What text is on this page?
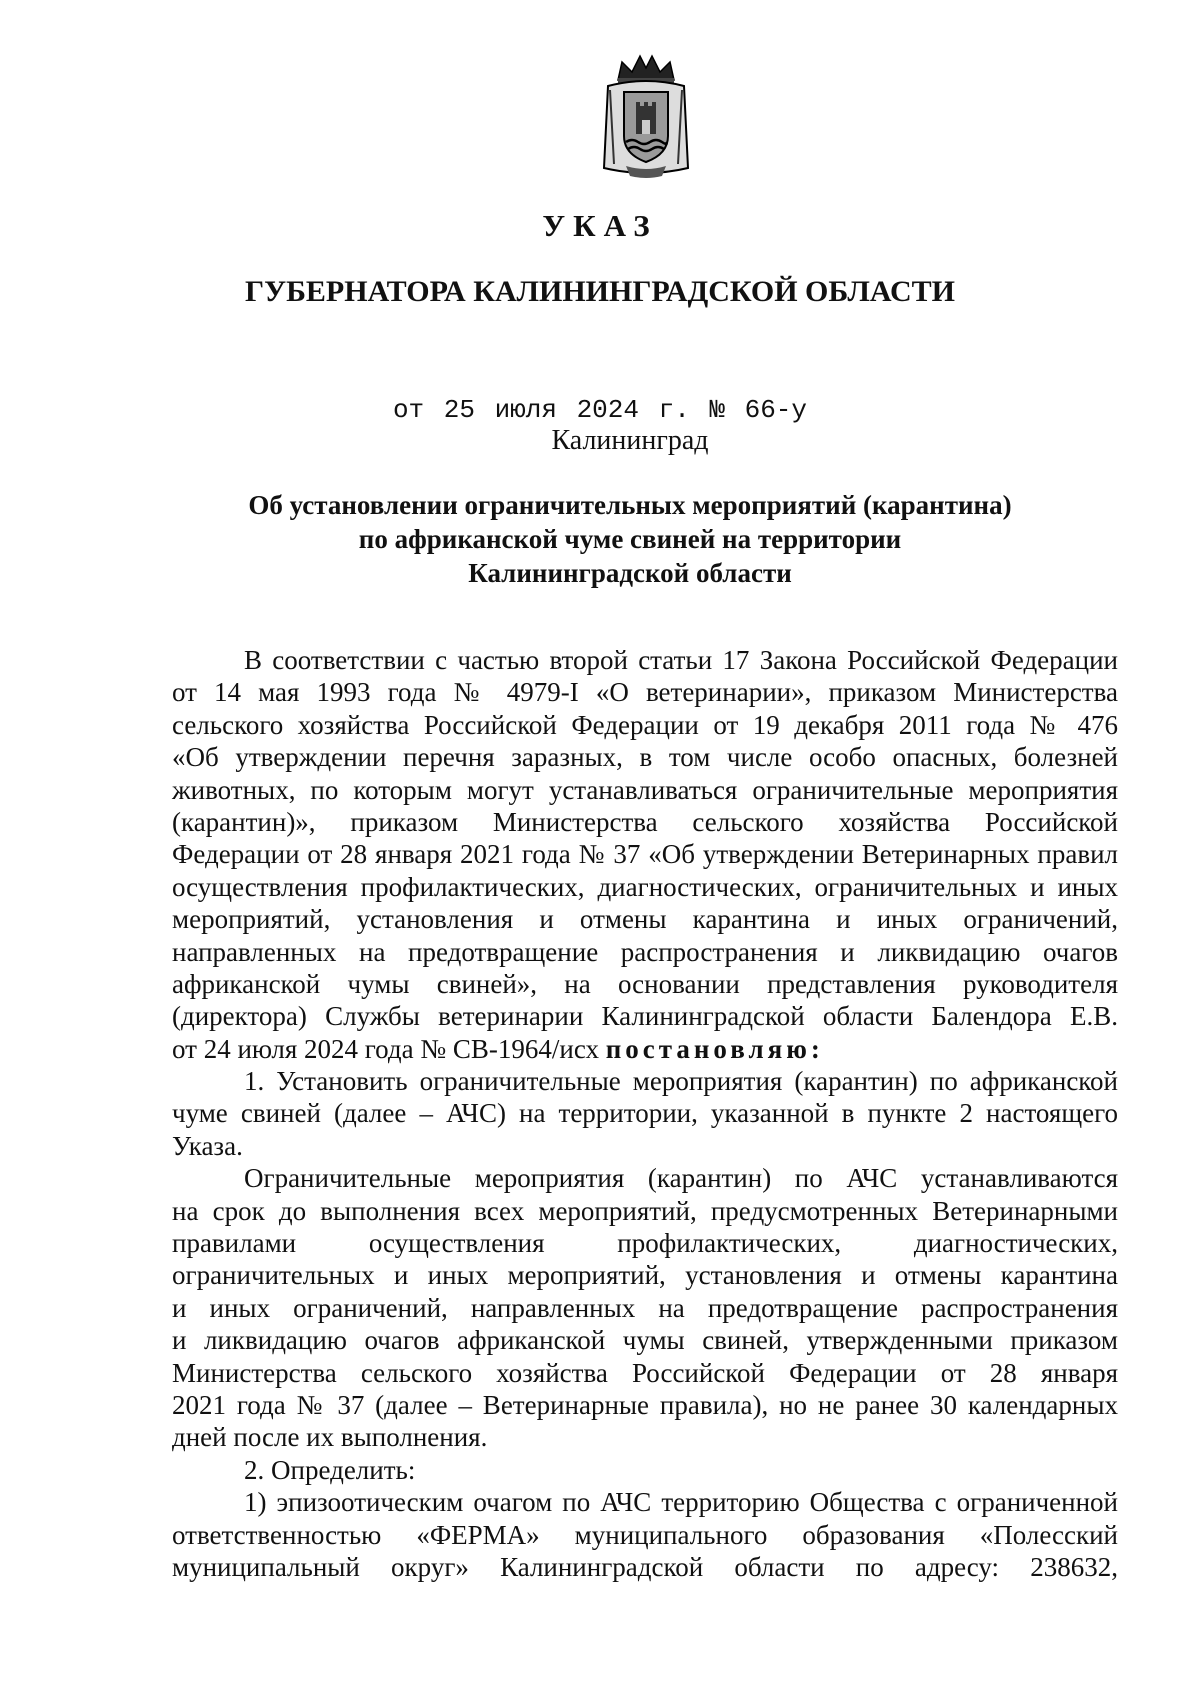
УКАЗ
ГУБЕРНАТОРА КАЛИНИНГРАДСКОЙ ОБЛАСТИ
от 25 июля 2024 г. № 66-у
Калининград
Об установлении ограничительных мероприятий (карантина)
по африканской чуме свиней на территории
Калининградской области
В соответствии с частью второй статьи 17 Закона Российской Федерации
от 14 мая 1993 года № 4979-I «О ветеринарии», приказом Министерства
сельского хозяйства Российской Федерации от 19 декабря 2011 года № 476
«Об утверждении перечня заразных, в том числе особо опасных, болезней
животных, по которым могут устанавливаться ограничительные мероприятия
(карантин)», приказом Министерства сельского хозяйства Российской
Федерации от 28 января 2021 года № 37 «Об утверждении Ветеринарных правил
осуществления профилактических, диагностических, ограничительных и иных
мероприятий, установления и отмены карантина и иных ограничений,
направленных на предотвращение распространения и ликвидацию очагов
африканской чумы свиней», на основании представления руководителя
(директора) Службы ветеринарии Калининградской области Балендора Е.В.
от 24 июля 2024 года № СВ-1964/исх постановляю:
1. Установить ограничительные мероприятия (карантин) по африканской
чуме свиней (далее – АЧС) на территории, указанной в пункте 2 настоящего
Указа.
Ограничительные мероприятия (карантин) по АЧС устанавливаются
на срок до выполнения всех мероприятий, предусмотренных Ветеринарными
правилами осуществления профилактических, диагностических,
ограничительных и иных мероприятий, установления и отмены карантина
и иных ограничений, направленных на предотвращение распространения
и ликвидацию очагов африканской чумы свиней, утвержденными приказом
Министерства сельского хозяйства Российской Федерации от 28 января
2021 года № 37 (далее – Ветеринарные правила), но не ранее 30 календарных
дней после их выполнения.
2. Определить:
1) эпизоотическим очагом по АЧС территорию Общества с ограниченной
ответственностью «ФЕРМА» муниципального образования «Полесский
муниципальный округ» Калининградской области по адресу: 238632,
